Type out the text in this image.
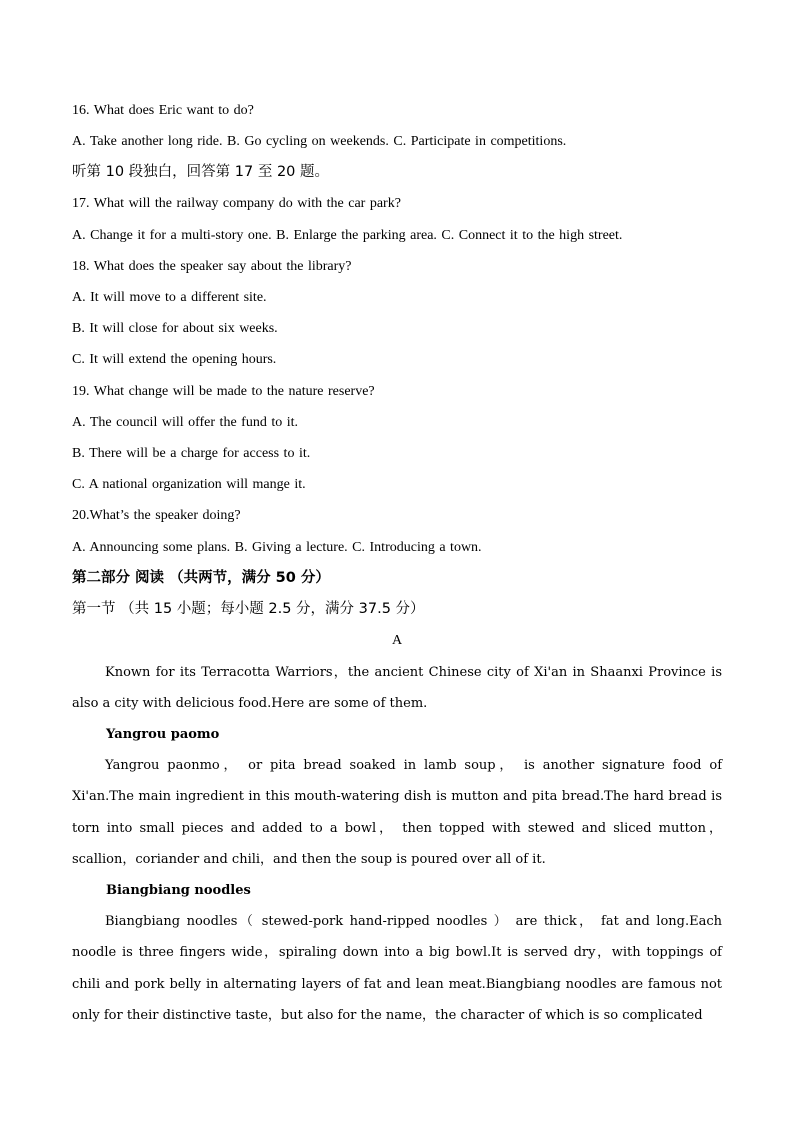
16. What does Eric want to do?
A. Take another long ride. B. Go cycling on weekends. C. Participate in competitions.
听第 10 段独白，回答第 17 至 20 题。
17. What will the railway company do with the car park?
A. Change it for a multi-story one. B. Enlarge the parking area. C. Connect it to the high street.
18. What does the speaker say about the library?
A. It will move to a different site.
B. It will close for about six weeks.
C. It will extend the opening hours.
19. What change will be made to the nature reserve?
A. The council will offer the fund to it.
B. There will be a charge for access to it.
C. A national organization will mange it.
20.What’s the speaker doing?
A. Announcing some plans. B. Giving a lecture. C. Introducing a town.
第二部分 阅读 （共两节，满分 50 分）
第一节 （共 15 小题；每小题 2.5 分，满分 37.5 分）
A
Known for its Terracotta Warriors，the ancient Chinese city of Xi'an in Shaanxi Province is also a city with delicious food.Here are some of them.
Yangrou paomo
Yangrou paonmo， or pita bread soaked in lamb soup， is another signature food of Xi'an.The main ingredient in this mouth-watering dish is mutton and pita bread.The hard bread is torn into small pieces and added to a bowl， then topped with stewed and sliced mutton，scallion，coriander and chili，and then the soup is poured over all of it.
Biangbiang noodles
Biangbiang noodles（ stewed-pork hand-ripped noodles ） are thick， fat and long.Each noodle is three fingers wide，spiraling down into a big bowl.It is served dry，with toppings of chili and pork belly in alternating layers of fat and lean meat.Biangbiang noodles are famous not only for their distinctive taste，but also for the name，the character of which is so complicated
